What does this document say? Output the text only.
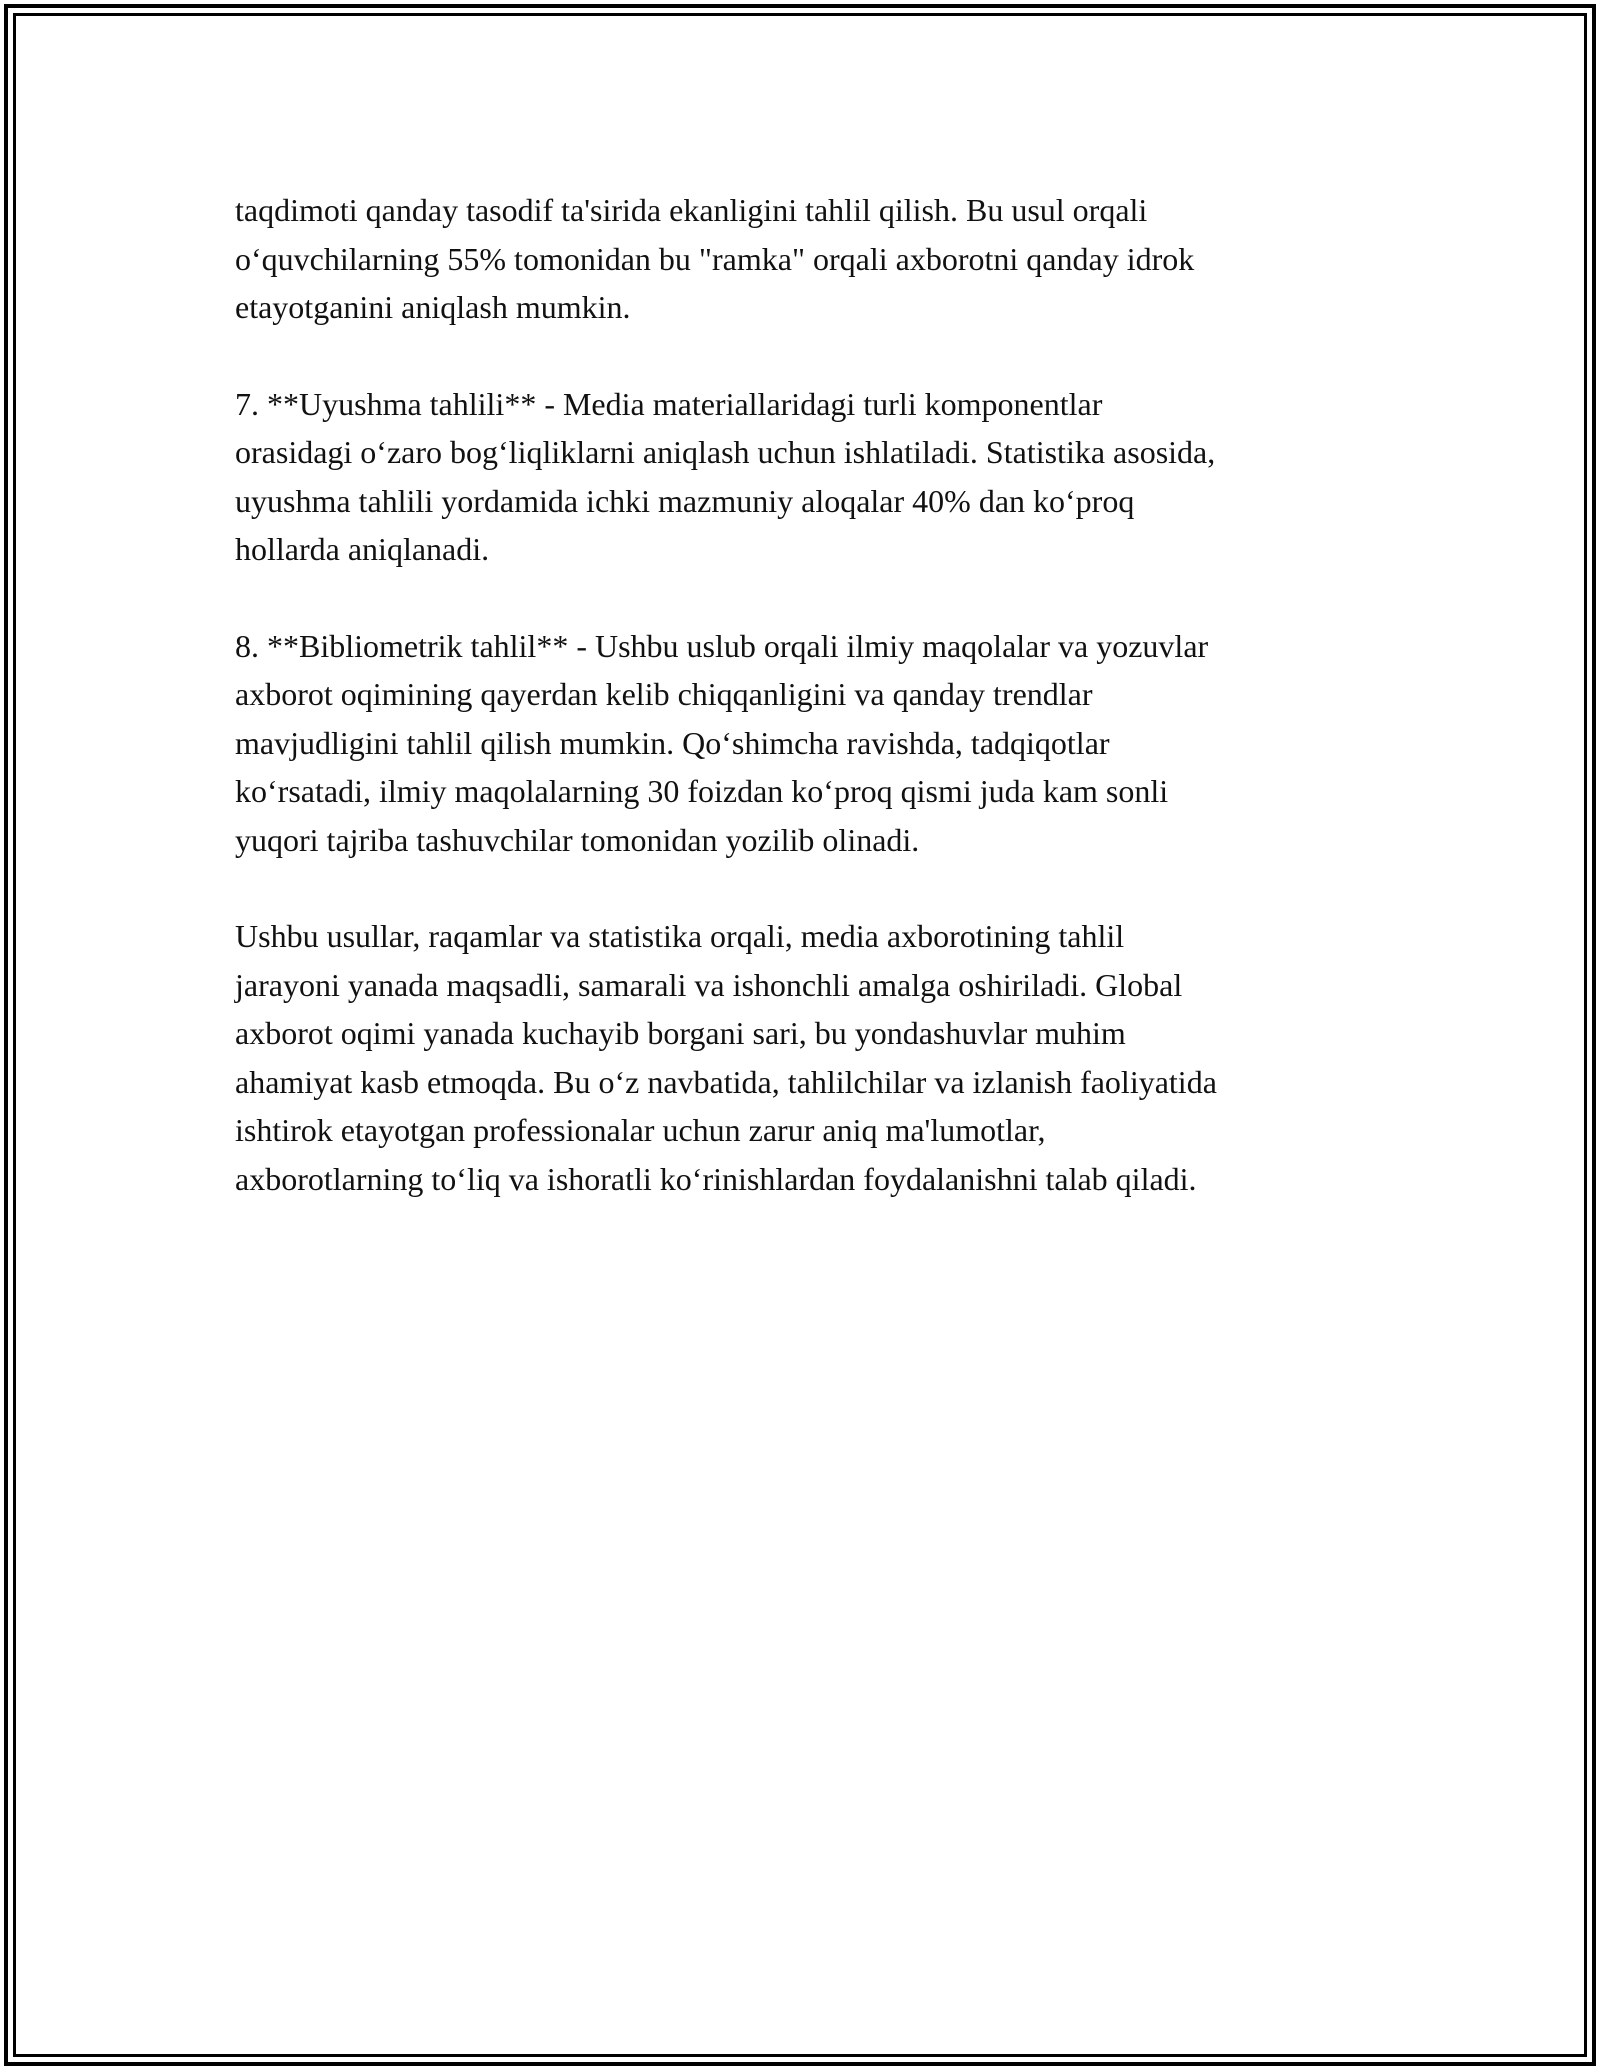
taqdimoti qanday tasodif ta'sirida ekanligini tahlil qilish. Bu usul orqali
o‘quvchilarning 55% tomonidan bu "ramka" orqali axborotni qanday idrok
etayotganini aniqlash mumkin.

7. **Uyushma tahlili** - Media materiallaridagi turli komponentlar
orasidagi o‘zaro bog‘liqliklarni aniqlash uchun ishlatiladi. Statistika asosida,
uyushma tahlili yordamida ichki mazmuniy aloqalar 40% dan ko‘proq
hollarda aniqlanadi.

8. **Bibliometrik tahlil** - Ushbu uslub orqali ilmiy maqolalar va yozuvlar
axborot oqimining qayerdan kelib chiqqanligini va qanday trendlar
mavjudligini tahlil qilish mumkin. Qo‘shimcha ravishda, tadqiqotlar
ko‘rsatadi, ilmiy maqolalarning 30 foizdan ko‘proq qismi juda kam sonli
yuqori tajriba tashuvchilar tomonidan yozilib olinadi.

Ushbu usullar, raqamlar va statistika orqali, media axborotining tahlil
jarayoni yanada maqsadli, samarali va ishonchli amalga oshiriladi. Global
axborot oqimi yanada kuchayib borgani sari, bu yondashuvlar muhim
ahamiyat kasb etmoqda. Bu o‘z navbatida, tahlilchilar va izlanish faoliyatida
ishtirok etayotgan professionalar uchun zarur aniq ma'lumotlar,
axborotlarning to‘liq va ishoratli ko‘rinishlardan foydalanishni talab qiladi.
